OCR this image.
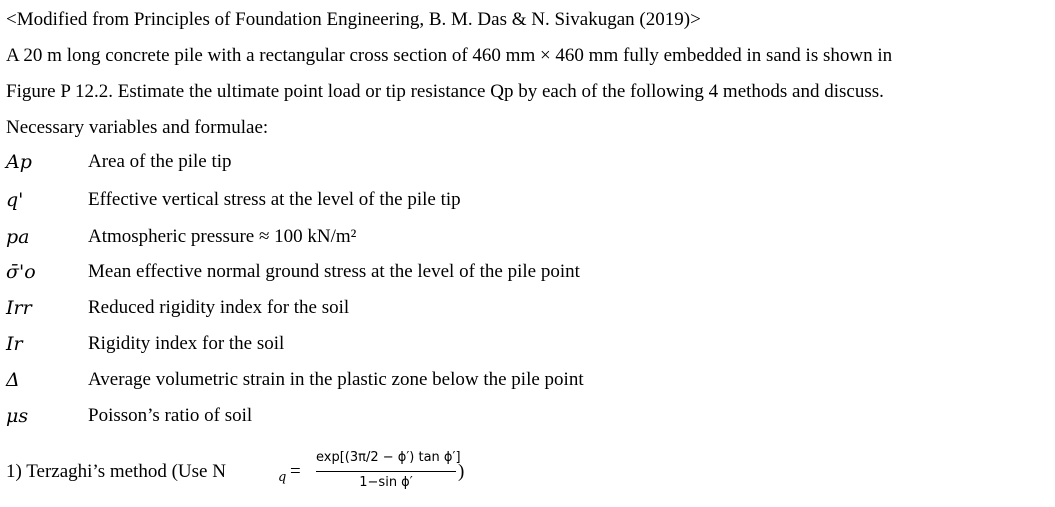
<Modified from Principles of Foundation Engineering, B. M. Das & N. Sivakugan (2019)>
A 20 m long concrete pile with a rectangular cross section of 460 mm × 460 mm fully embedded in sand is shown in
Figure P 12.2. Estimate the ultimate point load or tip resistance Qp by each of the following 4 methods and discuss.
Necessary variables and formulae:
Ap	Area of the pile tip
q'	Effective vertical stress at the level of the pile tip
pa	Atmospheric pressure ≈ 100 kN/m²
σ̄'o	Mean effective normal ground stress at the level of the pile point
Irr	Reduced rigidity index for the soil
Ir	Rigidity index for the soil
Δ	Average volumetric strain in the plastic zone below the pile point
μs	Poisson’s ratio of soil
1) Terzaghi’s method (Use N	q =
exp[(3π/2 − ϕ′) tan ϕ′]
1−sin ϕ′
)
